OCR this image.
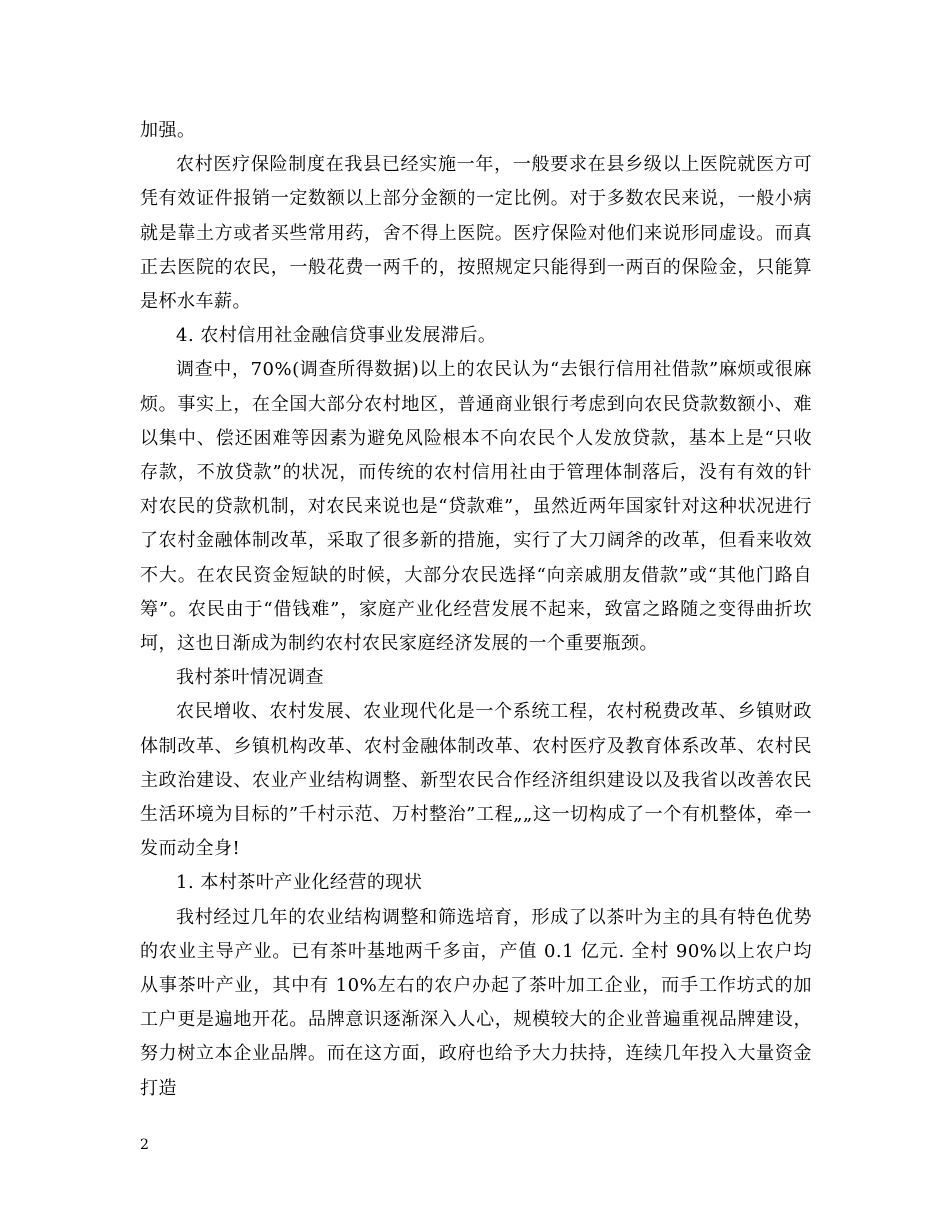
加强。

农村医疗保险制度在我县已经实施一年，一般要求在县乡级以上医院就医方可凭有效证件报销一定数额以上部分金额的一定比例。对于多数农民来说，一般小病就是靠土方或者买些常用药，舍不得上医院。医疗保险对他们来说形同虚设。而真正去医院的农民，一般花费一两千的，按照规定只能得到一两百的保险金，只能算是杯水车薪。

4. 农村信用社金融信贷事业发展滞后。

调查中，70%(调查所得数据)以上的农民认为“去银行信用社借款”麻烦或很麻烦。事实上，在全国大部分农村地区，普通商业银行考虑到向农民贷款数额小、难以集中、偿还困难等因素为避免风险根本不向农民个人发放贷款，基本上是“只收存款，不放贷款”的状况，而传统的农村信用社由于管理体制落后，没有有效的针对农民的贷款机制，对农民来说也是“贷款难”，虽然近两年国家针对这种状况进行了农村金融体制改革，采取了很多新的措施，实行了大刀阔斧的改革，但看来收效不大。在农民资金短缺的时候，大部分农民选择“向亲戚朋友借款”或“其他门路自筹”。农民由于“借钱难”，家庭产业化经营发展不起来，致富之路随之变得曲折坎坷，这也日渐成为制约农村农民家庭经济发展的一个重要瓶颈。

我村茶叶情况调查

农民增收、农村发展、农业现代化是一个系统工程，农村税费改革、乡镇财政体制改革、乡镇机构改革、农村金融体制改革、农村医疗及教育体系改革、农村民主政治建设、农业产业结构调整、新型农民合作经济组织建设以及我省以改善农民生活环境为目标的”千村示范、万村整治”工程„„这一切构成了一个有机整体，牵一发而动全身!

1. 本村茶叶产业化经营的现状

我村经过几年的农业结构调整和筛选培育，形成了以茶叶为主的具有特色优势的农业主导产业。已有茶叶基地两千多亩，产值 0.1 亿元. 全村 90%以上农户均从事茶叶产业，其中有 10%左右的农户办起了茶叶加工企业，而手工作坊式的加工户更是遍地开花。品牌意识逐渐深入人心，规模较大的企业普遍重视品牌建设，努力树立本企业品牌。而在这方面，政府也给予大力扶持，连续几年投入大量资金打造

2
